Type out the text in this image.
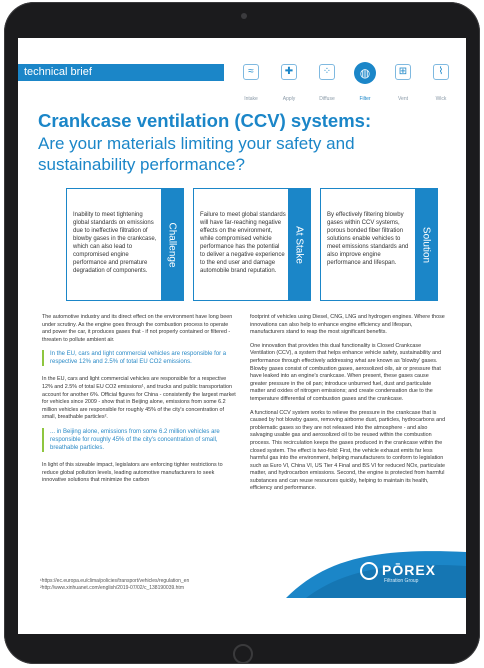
technical brief	≈
Intake
✚
Apply
⁘
Diffuse
◍
Filter
⊞
Vent
⌇
Wick

Crankcase ventilation (CCV) systems:

Are your materials limiting your safety and sustainability performance?

Inability to meet tightening global standards on emissions due to ineffective filtration of blowby gases in the crankcase, which can also lead to compromised engine performance and premature degradation of components.
Challenge
Failure to meet global standards will have far-reaching negative effects on the environment, while compromised vehicle performance has the potential to deliver a negative experience to the end user and damage automobile brand reputation.
At Stake
By effectively filtering blowby gases within CCV systems, porous bonded fiber filtration solutions enable vehicles to meet emissions standards and also improve engine performance and lifespan.
Solution

The automotive industry and its direct effect on the environment have long been under scrutiny. As the engine goes through the combustion process to operate and power the car, it produces gases that - if not properly contained or filtered - threaten to pollute ambient air.

In the EU, cars and light commercial vehicles are responsible for a respective 12% and 2.5% of total EU CO2 emissions.

In the EU, cars and light commercial vehicles are responsible for a respective 12% and 2.5% of total EU CO2 emissions¹, and trucks and public transportation account for another 6%. Official figures for China - consistently the largest market for vehicles since 2009 - show that in Beijing alone, emissions from some 6.2 million vehicles are responsible for roughly 45% of the city's concentration of small, breathable particles².

... in Beijing alone, emissions from some 6.2 million vehicles are responsible for roughly 45% of the city's concentration of small, breathable particles.

In light of this sizeable impact, legislators are enforcing tighter restrictions to reduce global pollution levels, leading automotive manufacturers to seek innovative solutions that minimize the carbon

footprint of vehicles using Diesel, CNG, LNG and hydrogen engines. Where those innovations can also help to enhance engine efficiency and lifespan, manufacturers stand to reap the most significant benefits.

One innovation that provides this dual functionality is Closed Crankcase Ventilation (CCV), a system that helps enhance vehicle safety, sustainability and performance through effectively addressing what are known as 'blowby' gases. Blowby gases consist of combustion gases, aerosolized oils, air or pressure that have leaked into an engine's crankcase. When present, these gases cause greater pressure in the oil pan; introduce unburned fuel, dust and particulate matter and oxides of nitrogen emissions; and create condensation due to the temperature differential of combustion gases and the crankcase.

A functional CCV system works to relieve the pressure in the crankcase that is caused by hot blowby gases, removing airborne dust, particles, hydrocarbons and problematic gases so they are not released into the atmosphere - and also salvaging usable gas and aerosolized oil to be reused within the combustion process. This recirculation keeps the gases produced in the crankcase within the closed system. The effect is two-fold: First, the vehicle exhaust emits far less harmful gas into the environment, helping manufacturers to conform to legislation such as Euro VI, China VI, US Tier 4 Final and BS VI for reduced NOx, particulate matter, and hydrocarbon emissions. Second, the engine is protected from harmful substances and can reuse resources quickly, helping to maintain its health, efficiency and performance.

¹https://ec.europa.eu/clima/policies/transport/vehicles/regulation_en
²http://www.xinhuanet.com/english/2019-07/02/c_138190039.htm
PŌREX
Filtration Group
